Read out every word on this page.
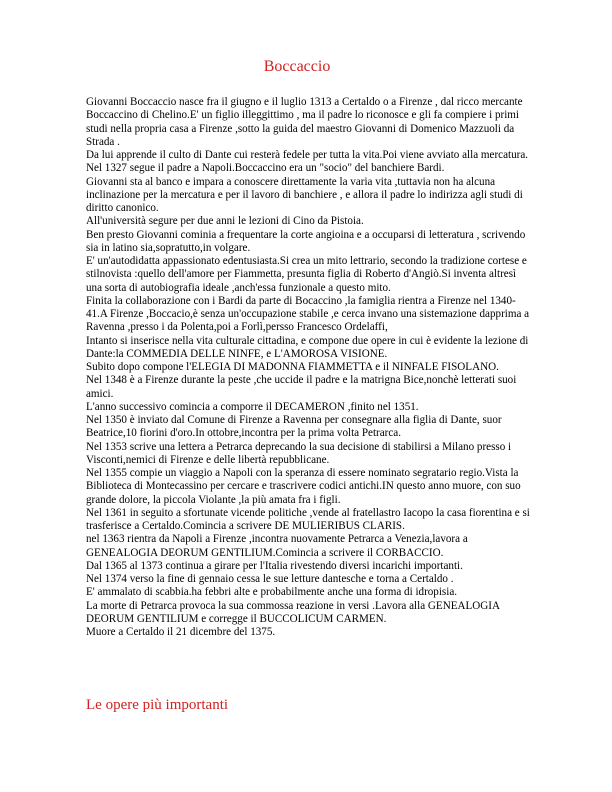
Boccaccio

Giovanni Boccaccio nasce fra il giugno e il luglio 1313 a Certaldo o a Firenze , dal ricco mercante

Boccaccino di Chelino.E' un figlio illeggittimo , ma il padre lo riconosce e gli fa compiere i primi

studi nella propria casa a Firenze ,sotto la guida del maestro Giovanni di Domenico Mazzuoli da

Strada .

Da lui apprende il culto di Dante cui resterà fedele per tutta la vita.Poi viene avviato alla mercatura.

Nel 1327 segue il padre a Napoli.Boccaccino era un "socio" del banchiere Bardi.

Giovanni sta al banco e impara a conoscere direttamente la varia vita ,tuttavia non ha alcuna

inclinazione per la mercatura e per il lavoro di banchiere , e allora il padre lo indirizza agli studi di

diritto canonico.

All'università segure per due anni le lezioni di Cino da Pistoia.

Ben presto Giovanni cominia a frequentare la corte angioina e a occuparsi di letteratura , scrivendo

sia in latino sia,sopratutto,in volgare.

E' un'autodidatta appassionato edentusiasta.Si crea un mito lettrario, secondo la tradizione cortese e

stilnovista :quello dell'amore per Fiammetta, presunta figlia di Roberto d'Angiò.Si inventa altresì

una sorta di autobiografia ideale ,anch'essa funzionale a questo mito.

Finita la collaborazione con i Bardi da parte di Bocaccino ,la famiglia rientra a Firenze nel 1340-

41.A Firenze ,Boccacio,è senza un'occupazione stabile ,e cerca invano una sistemazione dapprima a

Ravenna ,presso i da Polenta,poi a Forlì,persso Francesco Ordelaffi,

Intanto si inserisce nella vita culturale cittadina, e compone due opere in cui è evidente la lezione di

Dante:la COMMEDIA DELLE NINFE, e L'AMOROSA VISIONE.

Subito dopo compone l'ELEGIA DI MADONNA FIAMMETTA e il NINFALE FISOLANO.

Nel 1348 è a Firenze durante la peste ,che uccide il padre e la matrigna Bice,nonchè letterati suoi

amici.

L'anno successivo comincia a comporre il DECAMERON ,finito nel 1351.

Nel 1350 è inviato dal Comune di Firenze a Ravenna per consegnare alla figlia di Dante, suor

Beatrice,10 fiorini d'oro.In ottobre,incontra per la prima volta Petrarca.

Nel 1353 scrive una lettera a Petrarca deprecando la sua decisione di stabilirsi a Milano presso i

Visconti,nemici di Firenze e delle libertà repubblicane.

Nel 1355 compie un viaggio a Napoli con la speranza di essere nominato segratario regio.Vista la

Biblioteca di Montecassino per cercare e trascrivere codici antichi.IN questo anno muore, con suo

grande dolore, la piccola Violante ,la più amata fra i figli.

Nel 1361 in seguito a sfortunate vicende politiche ,vende al fratellastro Iacopo la casa fiorentina e si

trasferisce a Certaldo.Comincia a scrivere DE MULIERIBUS CLARIS.

nel 1363 rientra da Napoli a Firenze ,incontra nuovamente Petrarca a Venezia,lavora a

GENEALOGIA DEORUM GENTILIUM.Comincia a scrivere il CORBACCIO.

Dal 1365 al 1373 continua a girare per l'Italia rivestendo diversi incarichi importanti.

Nel 1374 verso la fine di gennaio cessa le sue letture dantesche e torna a Certaldo .

E' ammalato di scabbia.ha febbri alte e probabilmente anche una forma di idropisia.

La morte di Petrarca provoca la sua commossa reazione in versi .Lavora alla GENEALOGIA

DEORUM GENTILIUM e corregge il BUCCOLICUM CARMEN.

Muore a Certaldo il 21 dicembre del 1375.

Le opere più importanti
